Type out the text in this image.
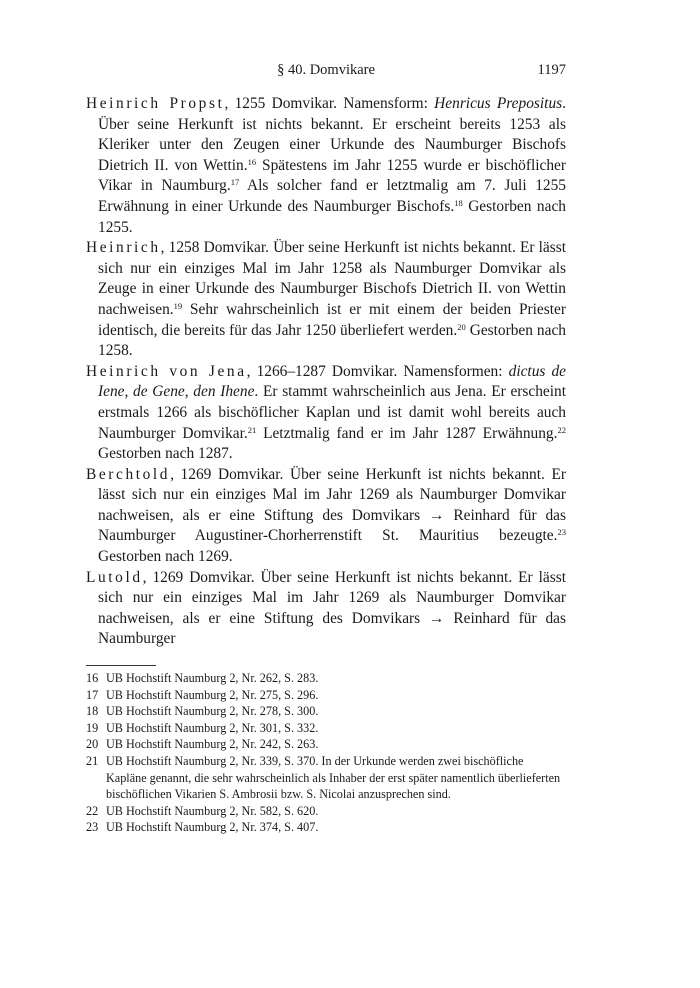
§ 40. Domvikare	1197

Heinrich Propst, 1255 Domvikar. Namensform: Henricus Prepositus. Über seine Herkunft ist nichts bekannt. Er erscheint bereits 1253 als Kleriker unter den Zeugen einer Urkunde des Naumburger Bischofs Dietrich II. von Wettin.$^{16}$ Spätestens im Jahr 1255 wurde er bischöflicher Vikar in Naumburg.$^{17}$ Als solcher fand er letztmalig am 7. Juli 1255 Erwähnung in einer Urkunde des Naumburger Bischofs.$^{18}$ Gestorben nach 1255.

Heinrich, 1258 Domvikar. Über seine Herkunft ist nichts bekannt. Er lässt sich nur ein einziges Mal im Jahr 1258 als Naumburger Domvikar als Zeuge in einer Urkunde des Naumburger Bischofs Dietrich II. von Wettin nachweisen.$^{19}$ Sehr wahrscheinlich ist er mit einem der beiden Priester identisch, die bereits für das Jahr 1250 überliefert werden.$^{20}$ Gestorben nach 1258.

Heinrich von Jena, 1266–1287 Domvikar. Namensformen: dictus de Iene, de Gene, den Ihene. Er stammt wahrscheinlich aus Jena. Er erscheint erstmals 1266 als bischöflicher Kaplan und ist damit wohl bereits auch Naumburger Domvikar.$^{21}$ Letztmalig fand er im Jahr 1287 Erwähnung.$^{22}$ Gestorben nach 1287.

Berchtold, 1269 Domvikar. Über seine Herkunft ist nichts bekannt. Er lässt sich nur ein einziges Mal im Jahr 1269 als Naumburger Domvikar nachweisen, als er eine Stiftung des Domvikars → Reinhard für das Naumburger Augustiner-Chorherrenstift St. Mauritius bezeugte.$^{23}$ Gestorben nach 1269.

Lutold, 1269 Domvikar. Über seine Herkunft ist nichts bekannt. Er lässt sich nur ein einziges Mal im Jahr 1269 als Naumburger Domvikar nachweisen, als er eine Stiftung des Domvikars → Reinhard für das Naumburger

16 UB Hochstift Naumburg 2, Nr. 262, S. 283.
17 UB Hochstift Naumburg 2, Nr. 275, S. 296.
18 UB Hochstift Naumburg 2, Nr. 278, S. 300.
19 UB Hochstift Naumburg 2, Nr. 301, S. 332.
20 UB Hochstift Naumburg 2, Nr. 242, S. 263.
21 UB Hochstift Naumburg 2, Nr. 339, S. 370. In der Urkunde werden zwei bischöfliche Kapläne genannt, die sehr wahrscheinlich als Inhaber der erst später namentlich überlieferten bischöflichen Vikarien S. Ambrosii bzw. S. Nicolai anzusprechen sind.
22 UB Hochstift Naumburg 2, Nr. 582, S. 620.
23 UB Hochstift Naumburg 2, Nr. 374, S. 407.
